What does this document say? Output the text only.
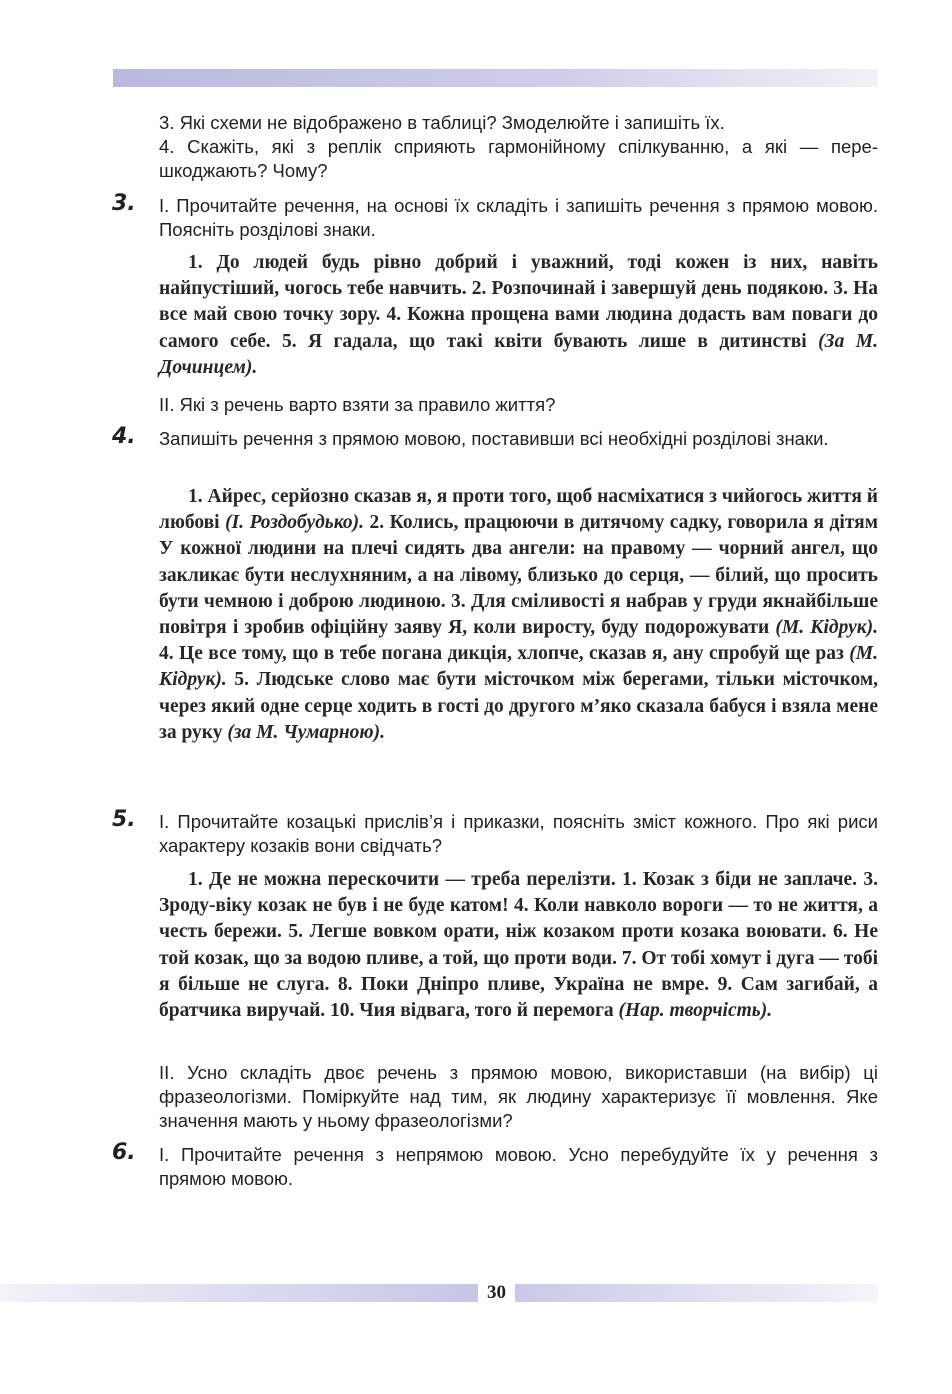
3. Які схеми не відображено в таблиці? Змоделюйте і запишіть їх.
4. Скажіть, які з реплік сприяють гармонійному спілкуванню, а які — перешкоджають? Чому?
3.	І. Прочитайте речення, на основі їх складіть і запишіть речення з прямою мовою. Поясніть розділові знаки.
1. До людей будь рівно добрий і уважний, тоді кожен із них, навіть найпустіший, чогось тебе навчить. 2. Розпочинай і завершуй день подякою. 3. На все май свою точку зору. 4. Кожна прощена вами людина додасть вам поваги до самого себе. 5. Я гадала, що такі квіти бувають лише в дитинстві (За М. Дочинцем).
ІІ. Які з речень варто взяти за правило життя?
4.	Запишіть речення з прямою мовою, поставивши всі необхідні розділові знаки.
1. Айрес, серйозно сказав я, я проти того, щоб насміхатися з чийогось життя й любові (І. Роздобудько). 2. Колись, працюючи в дитячому садку, говорила я дітям У кожної людини на плечі сидять два ангели: на правому — чорний ангел, що закликає бути неслухняним, а на лівому, близько до серця, — білий, що просить бути чемною і доброю людиною. 3. Для сміливості я набрав у груди якнайбільше повітря і зробив офіційну заяву Я, коли виросту, буду подорожувати (М. Кідрук). 4. Це все тому, що в тебе погана дикція, хлопче, сказав я, ану спробуй ще раз (М. Кідрук). 5. Людське слово має бути місточком між берегами, тільки місточком, через який одне серце ходить в гості до другого м’яко сказала бабуся і взяла мене за руку (за М. Чумарною).
5.	І. Прочитайте козацькі прислів’я і приказки, поясніть зміст кожного. Про які риси характеру козаків вони свідчать?
1. Де не можна перескочити — треба перелізти. 1. Козак з біди не заплаче. 3. Зроду-віку козак не був і не буде катом! 4. Коли навколо вороги — то не життя, а честь бережи. 5. Легше вовком орати, ніж козаком проти козака воювати. 6. Не той козак, що за водою пливе, а той, що проти води. 7. От тобі хомут і дуга — тобі я більше не слуга. 8. Поки Дніпро пливе, Україна не вмре. 9. Сам загибай, а братчика виручай. 10. Чия відвага, того й перемога (Нар. творчість).
ІІ. Усно складіть двоє речень з прямою мовою, використавши (на вибір) ці фразеологізми. Поміркуйте над тим, як людину характеризує її мовлення. Яке значення мають у ньому фразеологізми?
6.	І. Прочитайте речення з непрямою мовою. Усно перебудуйте їх у речення з прямою мовою.
30
